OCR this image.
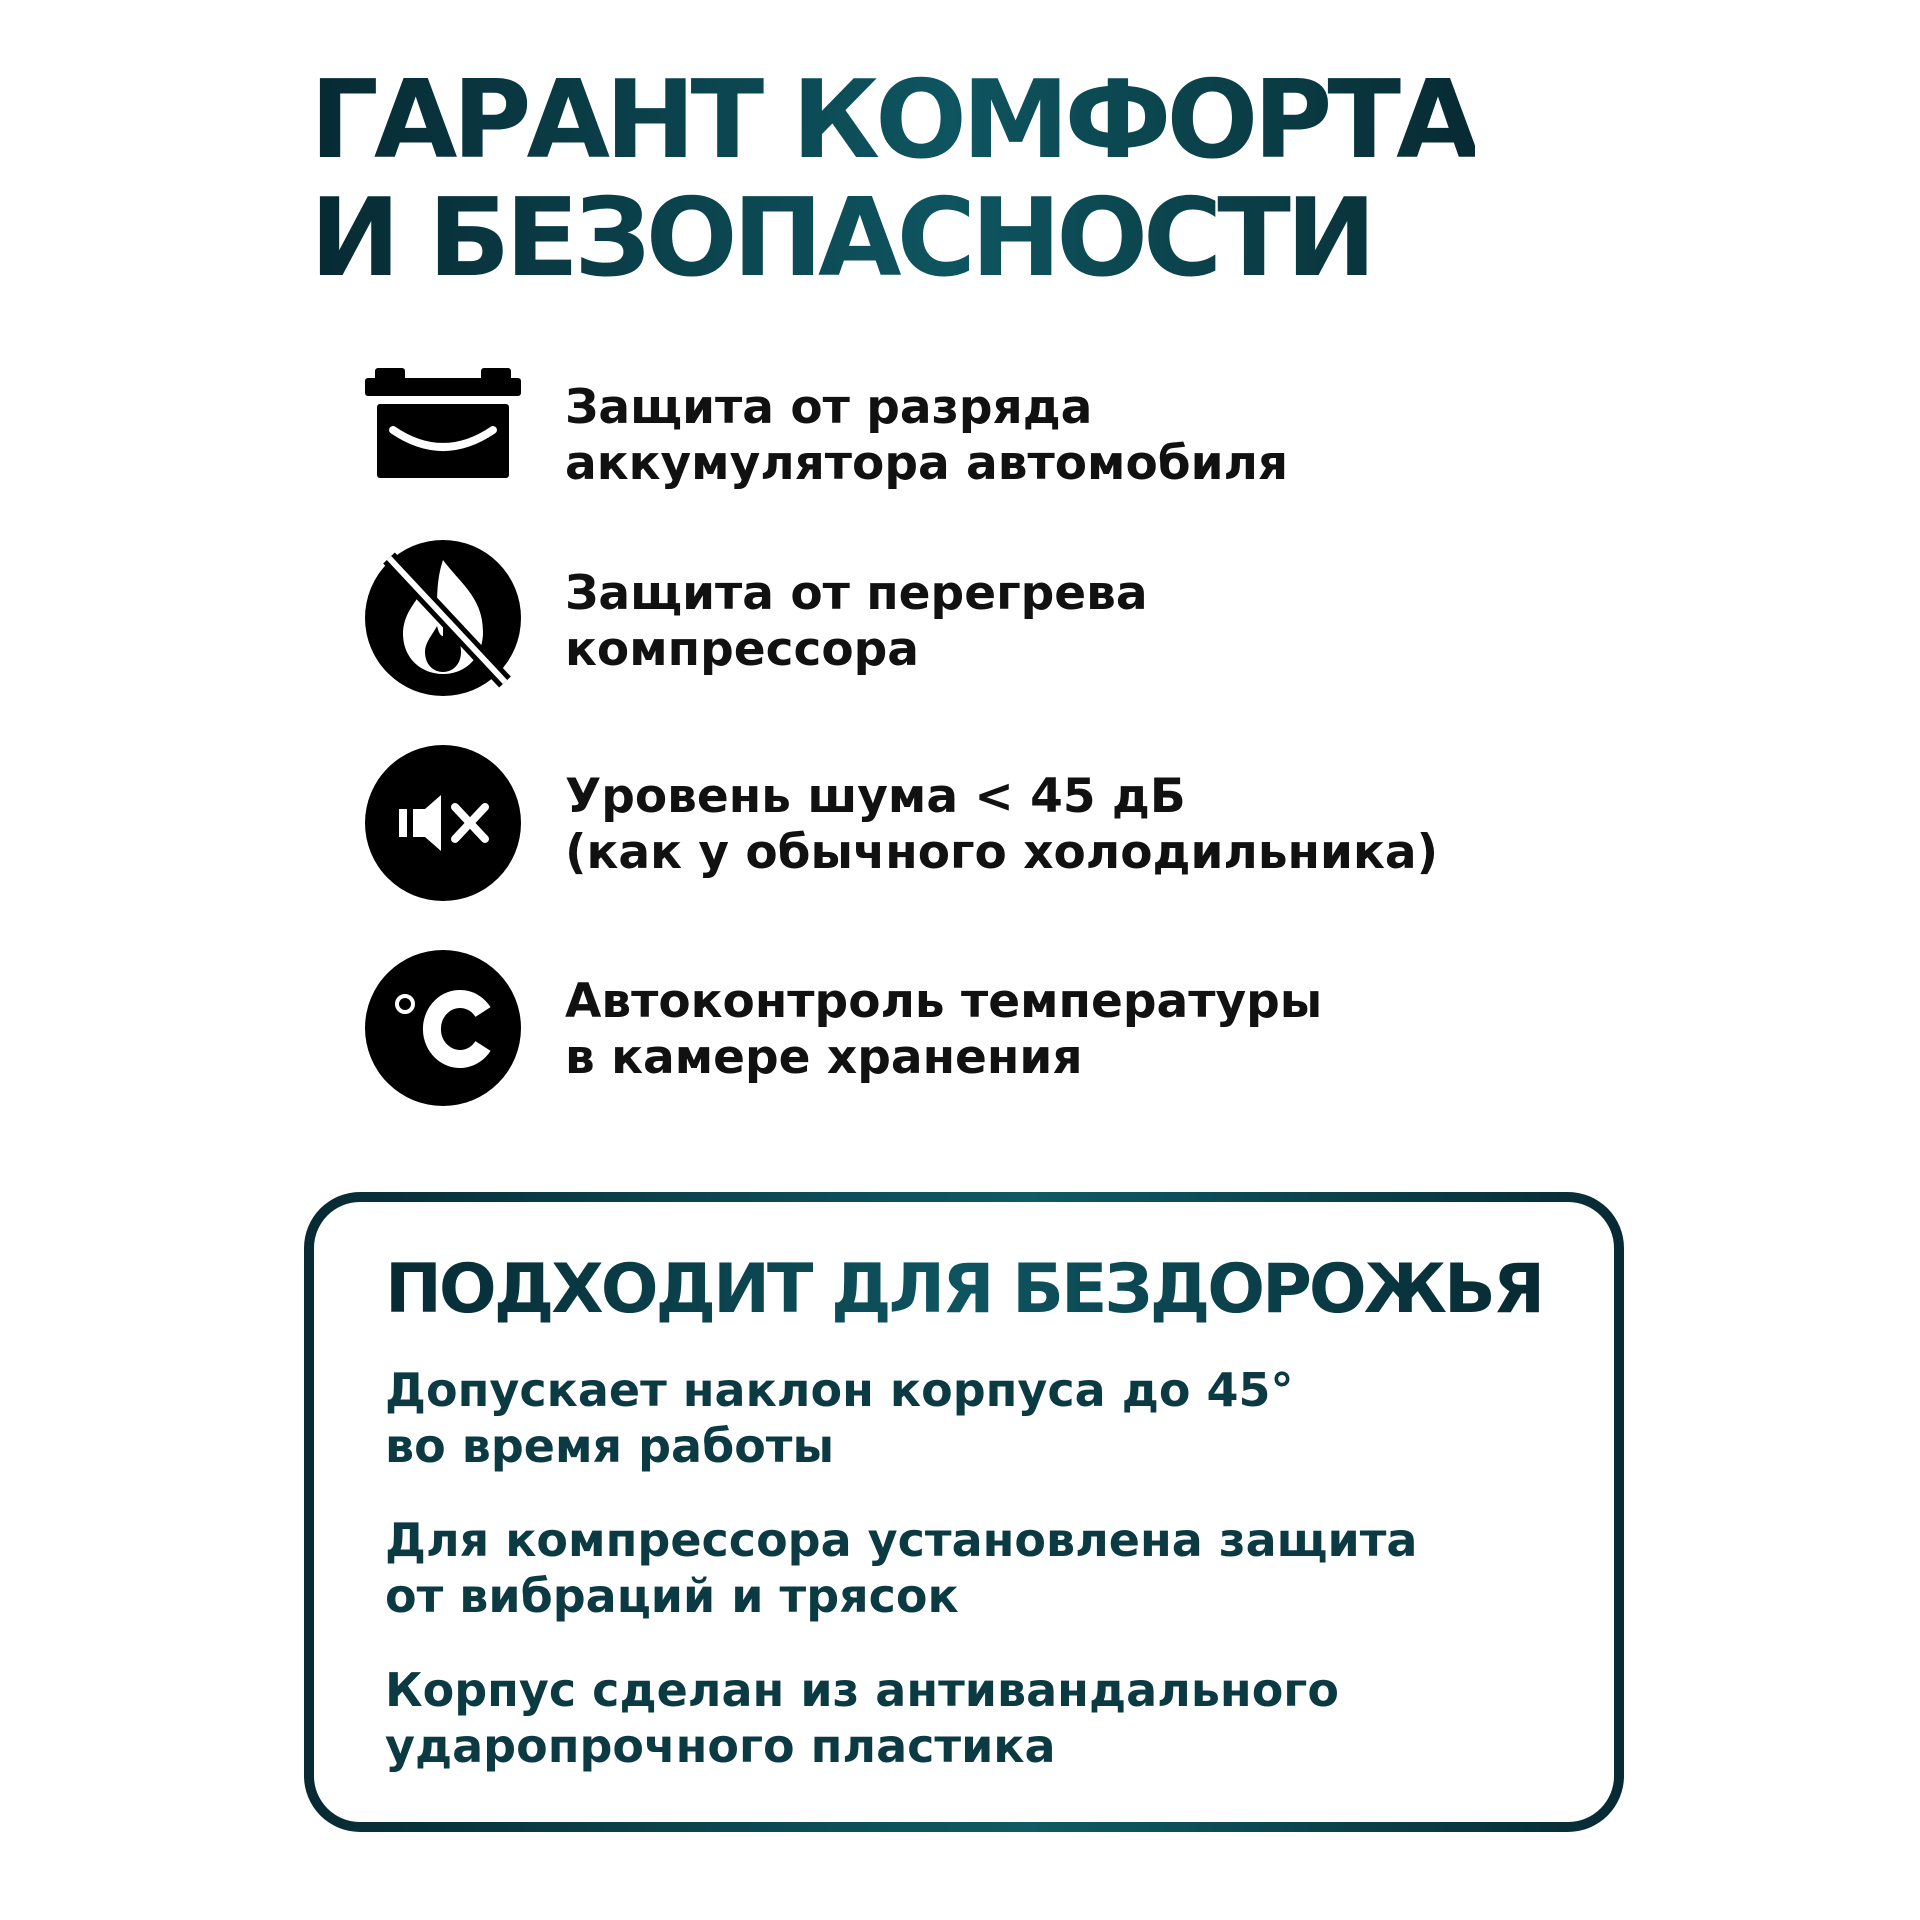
ГАРАНТ КОМФОРТА
И БЕЗОПАСНОСТИ
Защита от разряда
аккумулятора автомобиля
Защита от перегрева
компрессора
Уровень шума < 45 дБ
(как у обычного холодильника)
Автоконтроль температуры
в камере хранения
ПОДХОДИТ ДЛЯ БЕЗДОРОЖЬЯ
Допускает наклон корпуса до 45°
во время работы
Для компрессора установлена защита
от вибраций и трясок
Корпус сделан из антивандального
ударопрочного пластика
